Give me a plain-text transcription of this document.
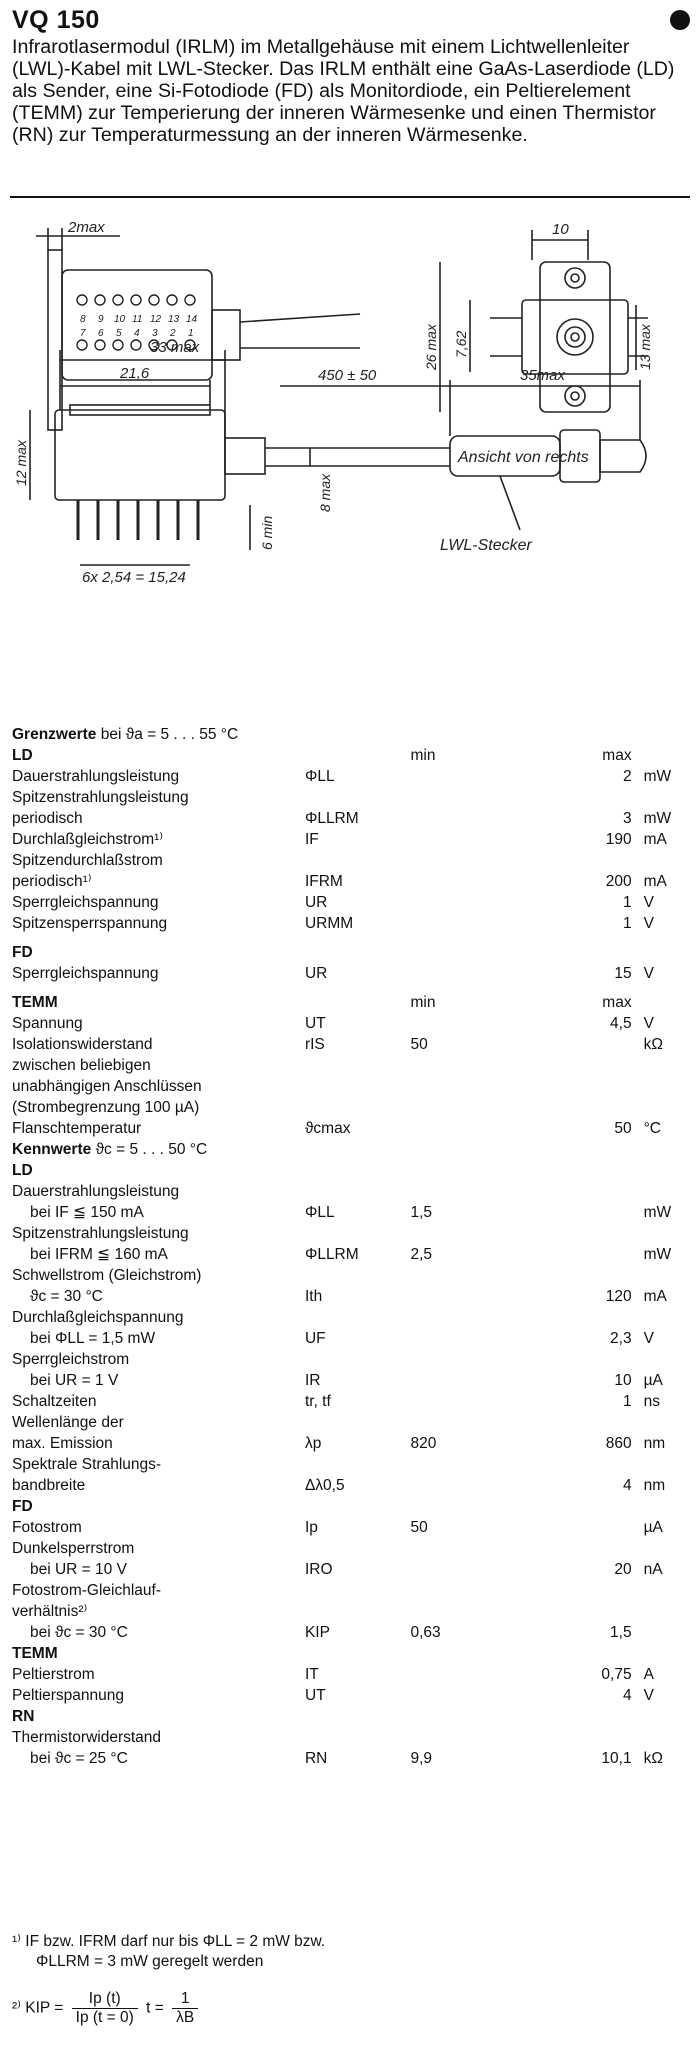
VQ 150
Infrarotlasermodul (IRLM) im Metallgehäuse mit einem Lichtwellenleiter (LWL)-Kabel mit LWL-Stecker. Das IRLM enthält eine GaAs-Laserdiode (LD) als Sender, eine Si-Fotodiode (FD) als Monitordiode, ein Peltierelement (TEMM) zur Temperierung der inneren Wärmesenke und einen Thermistor (RN) zur Temperaturmessung an der inneren Wärmesenke.
2max
8 9 10 11 12 13 14
7 6 5 4 3 2 1
10
26 max 7,62	13 max
Ansicht von rechts
33 max
21,6	450 ± 50	35max
12 max
8 max
6 min
6x 2,54 = 15,24
LWL-Stecker
Grenzwerte bei ϑa = 5 . . . 55 °C				
LD		min	max	
Dauerstrahlungsleistung	ΦLL		2	mW
Spitzenstrahlungsleistung				
periodisch	ΦLLRM		3	mW
Durchlaßgleichstrom¹⁾	IF		190	mA
Spitzendurchlaßstrom				
periodisch¹⁾	IFRM		200	mA
Sperrgleichspannung	UR		1	V
Spitzensperrspannung	URMM		1	V

FD				
Sperrgleichspannung	UR		15	V

TEMM		min	max	
Spannung	UT		4,5	V
Isolationswiderstand	rIS	50		kΩ
zwischen beliebigen				
unabhängigen Anschlüssen				
(Strombegrenzung 100 µA)				
Flanschtemperatur	ϑcmax		50	°C
Kennwerte ϑc = 5 . . . 50 °C				
LD				
Dauerstrahlungsleistung				
bei IF ≦ 150 mA	ΦLL	1,5		mW
Spitzenstrahlungsleistung				
bei IFRM ≦ 160 mA	ΦLLRM	2,5		mW
Schwellstrom (Gleichstrom)				
ϑc = 30 °C	Ith		120	mA
Durchlaßgleichspannung				
bei ΦLL = 1,5 mW	UF		2,3	V
Sperrgleichstrom				
bei UR = 1 V	IR		10	µA
Schaltzeiten	tr, tf		1	ns
Wellenlänge der				
max. Emission	λp	820	860	nm
Spektrale Strahlungs-				
bandbreite	Δλ0,5		4	nm
FD				
Fotostrom	Ip	50		µA
Dunkelsperrstrom				
bei UR = 10 V	IRO		20	nA
Fotostrom-Gleichlauf-				
verhältnis²⁾				
bei ϑc = 30 °C	KIP	0,63	1,5	
TEMM				
Peltierstrom	IT		0,75	A
Peltierspannung	UT		4	V
RN				
Thermistorwiderstand				
bei ϑc = 25 °C	RN	9,9	10,1	kΩ
¹⁾ IF bzw. IFRM darf nur bis ΦLL = 2 mW bzw.
ΦLLRM = 3 mW geregelt werden
²⁾ KIP = $\frac{Ip (t)}{Ip (t = 0)}$ $t = \frac{1}{\lambda B}$
